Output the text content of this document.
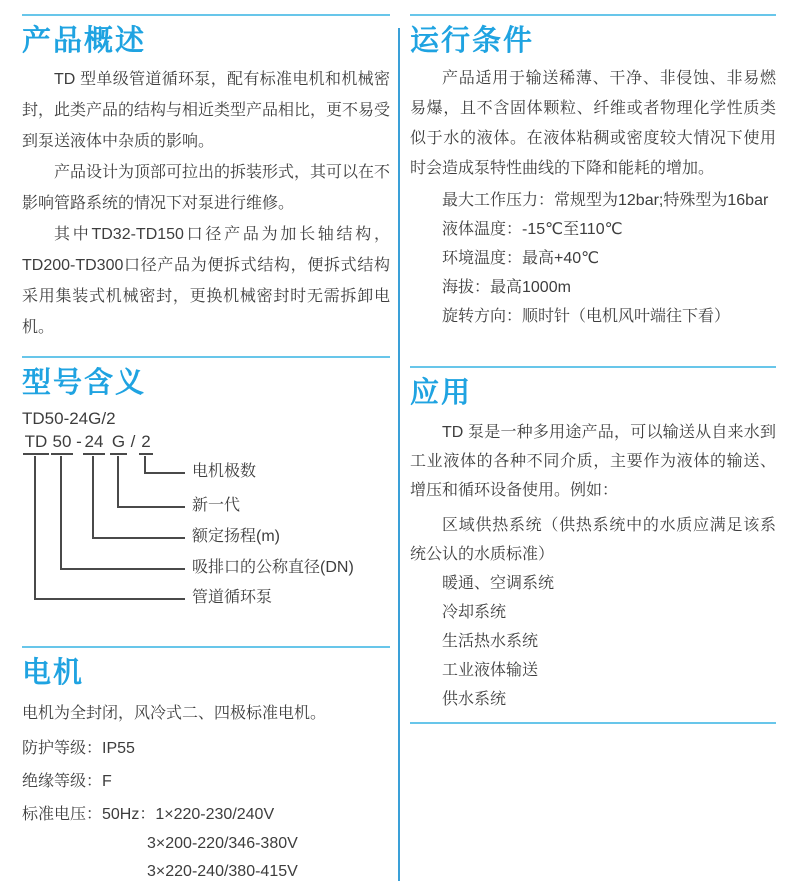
产品概述

TD 型单级管道循环泵，配有标准电机和机械密封，此类产品的结构与相近类型产品相比，更不易受到泵送液体中杂质的影响。

产品设计为顶部可拉出的拆装形式，其可以在不影响管路系统的情况下对泵进行维修。

其中TD32-TD150口径产品为加长轴结构，TD200-TD300口径产品为便拆式结构，便拆式结构采用集装式机械密封，更换机械密封时无需拆卸电机。

型号含义
TD50-24G/2
TD 50 - 24 G / 2
电机极数
新一代
额定扬程(m)
吸排口的公称直径(DN)
管道循环泵
电机

电机为全封闭，风冷式二、四极标准电机。

防护等级：IP55
绝缘等级：F
标准电压：50Hz：1×220-230/240V
3×200-220/346-380V
3×220-240/380-415V
运行条件

产品适用于输送稀薄、干净、非侵蚀、非易燃易爆，且不含固体颗粒、纤维或者物理化学性质类似于水的液体。在液体粘稠或密度较大情况下使用时会造成泵特性曲线的下降和能耗的增加。

最大工作压力：常规型为12bar;特殊型为16bar
液体温度：-15℃至110℃
环境温度：最高+40℃
海拔：最高1000m
旋转方向：顺时针（电机风叶端往下看）
应用

TD 泵是一种多用途产品，可以输送从自来水到工业液体的各种不同介质，主要作为液体的输送、增压和循环设备使用。例如：

区域供热系统（供热系统中的水质应满足该系统公认的水质标准）
暖通、空调系统
冷却系统
生活热水系统
工业液体输送
供水系统
